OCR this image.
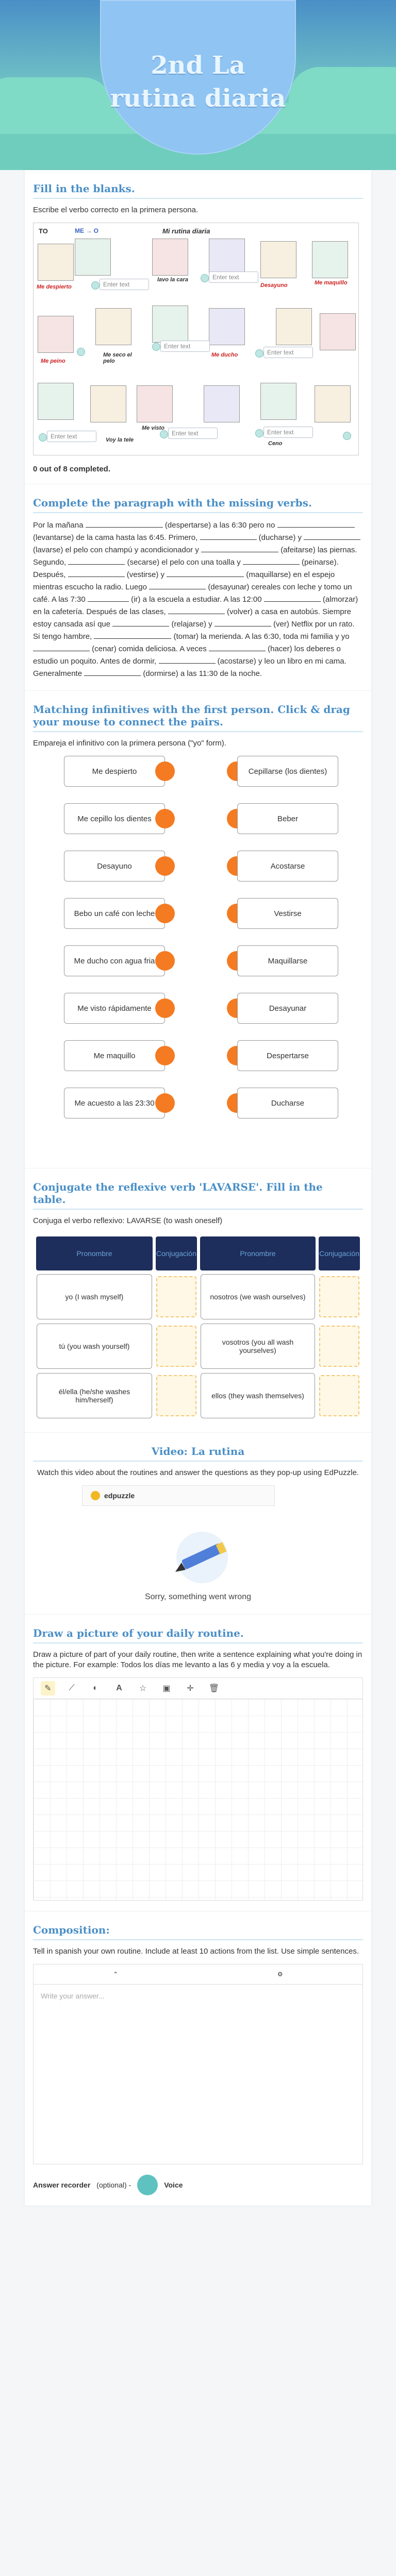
2nd La
rutina diaria
Fill in the blanks.
Escribe el verbo correcto en la primera persona.
TO	ME → O	Mi rutina diaria
Me despierto
lavo la cara
Desayuno	Me maquillo
Enter text
Enter text
Me peino
Me seco el pelo
Me ducho
Enter text
Enter text
Enter text	Voy la tele
Enter text
Me visto
Enter text
Ceno
0 out of 8 completed.
Complete the paragraph with the missing verbs.
Por la mañana	(despertarse) a las 6:30 pero no  (levantarse) de la cama hasta las 6:45. Primero,	(ducharse) y  (lavarse) el pelo con champú y acondicionador y	(afeitarse) las piernas. Segundo,	(secarse) el pelo con una toalla y	(peinarse). Después,	(vestirse) y	(maquillarse) en el espejo mientras escucho la radio. Luego	(desayunar) cereales con leche y tomo un café. A las 7:30	(ir) a la escuela a estudiar. A las 12:00	(almorzar) en la cafetería. Después de las clases,	(volver) a casa en autobús. Siempre estoy cansada así que	(relajarse) y	(ver) Netflix por un rato. Si tengo hambre,	(tomar) la merienda. A las 6:30, toda mi familia y yo  (cenar) comida deliciosa. A veces	(hacer) los deberes o estudio un poquito. Antes de dormir,	(acostarse) y leo un libro en mi cama. Generalmente	(dormirse) a las 11:30 de la noche.
Matching infinitives with the first person. Click & drag
your mouse to connect the pairs.
Empareja el infinitivo con la primera persona ("yo" form).
Me despierto
Me cepillo los dientes
Desayuno
Bebo un café con leche
Me ducho con agua fria
Me visto rápidamente
Me maquillo
Me acuesto a las 23:30
Cepillarse (los dientes)
Beber
Acostarse
Vestirse
Maquillarse
Desayunar
Despertarse
Ducharse
Conjugate the reflexive verb 'LAVARSE'. Fill in the
table.
Conjuga el verbo reflexivo: LAVARSE (to wash oneself)
Pronombre	Conjugación	Pronombre	Conjugación

yo (I wash myself)		nosotros (we wash ourselves)	

tú (you wash yourself)		vosotros (you all wash yourselves)	

él/ella (he/she washes him/herself)		ellos (they wash themselves)	

Video: La rutina
Watch this video about the routines and answer the questions as they pop-up using EdPuzzle.
edpuzzle
Sorry, something went wrong
Draw a picture of your daily routine.
Draw a picture of part of your daily routine, then write a sentence explaining what you're doing in the picture. For example: Todos los días me levanto a las 6 y media y voy a la escuela.
✎	⟋	◐	A	☆	▣	✛	🗑
Composition:
Tell in spanish your own routine. Include at least 10 actions from the list. Use simple sentences.
⌃	⚙
Write your answer...
Answer recorder (optional) -	Voice
